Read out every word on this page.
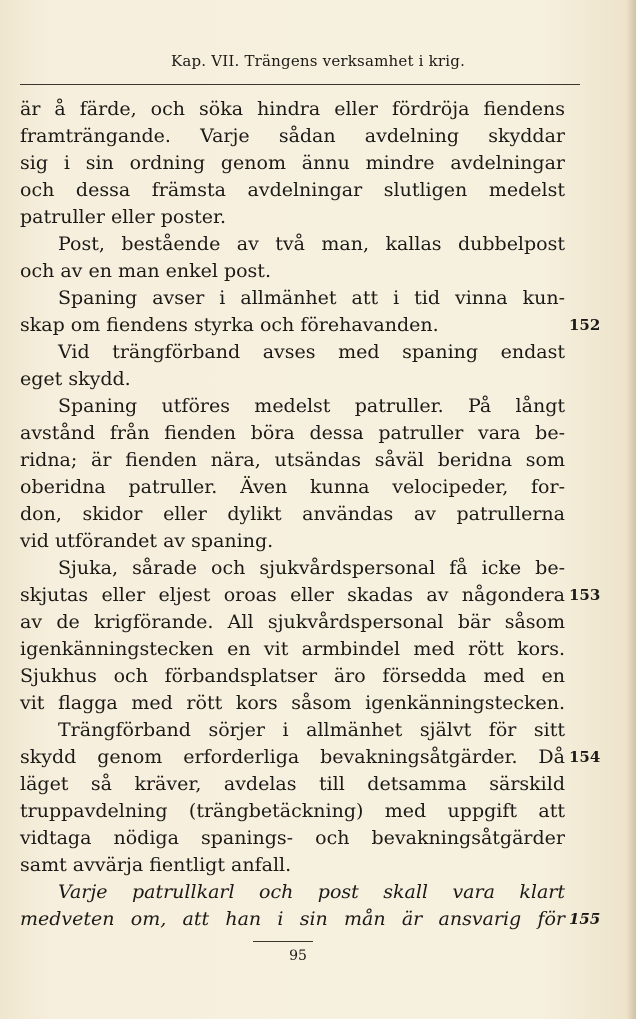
Kap. VII. Trängens verksamhet i krig.
är å färde, och söka hindra eller fördröja fiendens
framträngande. Varje sådan avdelning skyddar
sig i sin ordning genom ännu mindre avdelningar
och dessa främsta avdelningar slutligen medelst
patruller eller poster.
Post, bestående av två man, kallas dubbelpost
och av en man enkel post.
Spaning avser i allmänhet att i tid vinna kun-
152
skap om fiendens styrka och förehavanden.
Vid trängförband avses med spaning endast
eget skydd.
Spaning utföres medelst patruller. På långt
avstånd från fienden böra dessa patruller vara be-
ridna; är fienden nära, utsändas såväl beridna som
oberidna patruller. Även kunna velocipeder, for-
don, skidor eller dylikt användas av patrullerna
vid utförandet av spaning.
Sjuka, sårade och sjukvårdspersonal få icke be-
153
skjutas eller eljest oroas eller skadas av någondera
av de krigförande. All sjukvårdspersonal bär såsom
igenkänningstecken en vit armbindel med rött kors.
Sjukhus och förbandsplatser äro försedda med en
vit flagga med rött kors såsom igenkänningstecken.
Trängförband sörjer i allmänhet självt för sitt
154
skydd genom erforderliga bevakningsåtgärder. Då
läget så kräver, avdelas till detsamma särskild
truppavdelning (trängbetäckning) med uppgift att
vidtaga nödiga spanings- och bevakningsåtgärder
samt avvärja fientligt anfall.
Varje patrullkarl och post skall vara klart
155
medveten om, att han i sin mån är ansvarig för
95
